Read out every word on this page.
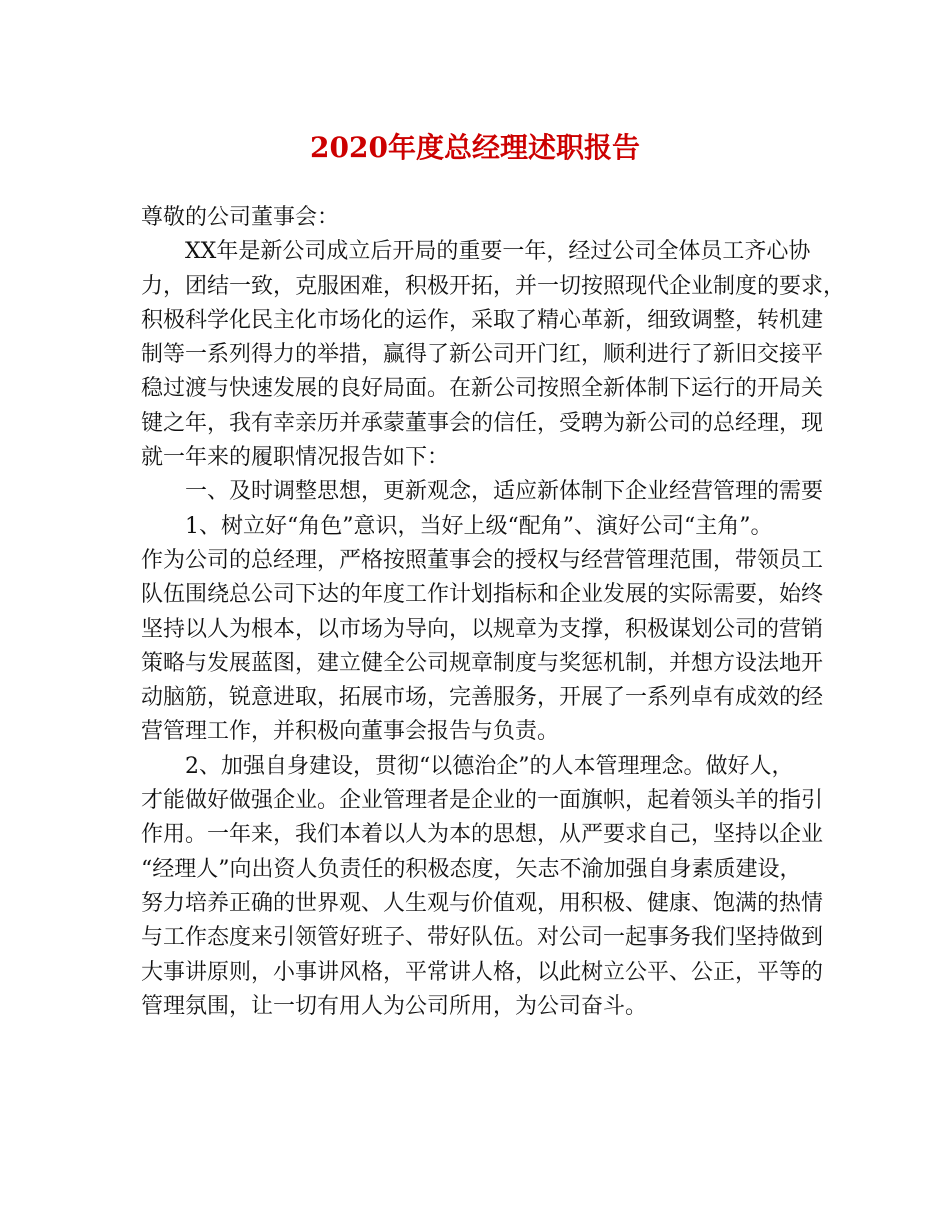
2020年度总经理述职报告
尊敬的公司董事会：
XX年是新公司成立后开局的重要一年，经过公司全体员工齐心协
力，团结一致，克服困难，积极开拓，并一切按照现代企业制度的要求，
积极科学化民主化市场化的运作，采取了精心革新，细致调整，转机建
制等一系列得力的举措，赢得了新公司开门红，顺利进行了新旧交接平
稳过渡与快速发展的良好局面。在新公司按照全新体制下运行的开局关
键之年，我有幸亲历并承蒙董事会的信任，受聘为新公司的总经理，现
就一年来的履职情况报告如下：
一、及时调整思想，更新观念，适应新体制下企业经营管理的需要
1、树立好“角色”意识，当好上级“配角”、演好公司“主角”。
作为公司的总经理，严格按照董事会的授权与经营管理范围，带领员工
队伍围绕总公司下达的年度工作计划指标和企业发展的实际需要，始终
坚持以人为根本，以市场为导向，以规章为支撑，积极谋划公司的营销
策略与发展蓝图，建立健全公司规章制度与奖惩机制，并想方设法地开
动脑筋，锐意进取，拓展市场，完善服务，开展了一系列卓有成效的经
营管理工作，并积极向董事会报告与负责。
2、加强自身建设，贯彻“以德治企”的人本管理理念。做好人，
才能做好做强企业。企业管理者是企业的一面旗帜，起着领头羊的指引
作用。一年来，我们本着以人为本的思想，从严要求自己，坚持以企业
“经理人”向出资人负责任的积极态度，矢志不渝加强自身素质建设，
努力培养正确的世界观、人生观与价值观，用积极、健康、饱满的热情
与工作态度来引领管好班子、带好队伍。对公司一起事务我们坚持做到
大事讲原则，小事讲风格，平常讲人格，以此树立公平、公正，平等的
管理氛围，让一切有用人为公司所用，为公司奋斗。
